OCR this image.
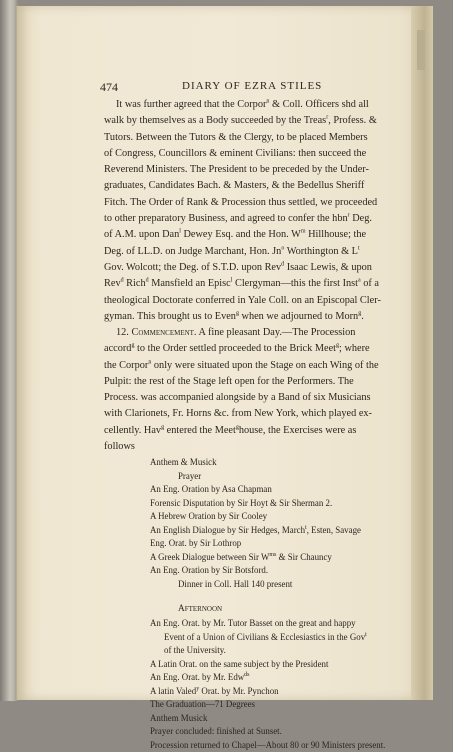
474	DIARY OF EZRA STILES
It was further agreed that the Corpor$^n$ & Coll. Officers shd all
walk by themselves as a Body succeeded by the Treas$^r$, Profess. &
Tutors. Between the Tutors & the Clergy, to be placed Members
of Congress, Councillors & eminent Civilians: then succeed the
Reverend Ministers. The President to be preceded by the Under-
graduates, Candidates Bach. & Masters, & the Bedellus Sheriff
Fitch. The Order of Rank & Procession thus settled, we proceeded
to other preparatory Business, and agreed to confer the hbn$^r$ Deg.
of A.M. upon Dan$^l$ Dewey Esq. and the Hon. $W^m$ Hillhouse; the
Deg. of LL.D. on Judge Marchant, Hon. Jn$^o$ Worthington & $L^t$
Gov. Wolcott; the Deg. of S.T.D. upon Rev$^d$ Isaac Lewis, & upon
Rev$^d$ Rich$^d$ Mansfield an Episc$^l$ Clergyman—this the first Inst$^a$ of a
theological Doctorate conferred in Yale Coll. on an Episcopal Cler-
gyman. This brought us to Even$^g$ when we adjourned to Morn$^g$.
12. Commencement. A fine pleasant Day.—The Procession
accord$^g$ to the Order settled proceeded to the Brick Meet$^g$; where
the Corpor$^n$ only were situated upon the Stage on each Wing of the
Pulpit: the rest of the Stage left open for the Performers. The
Process. was accompanied alongside by a Band of six Musicians
with Clarionets, Fr. Horns &c. from New York, which played ex-
cellently. Hav$^g$ entered the Meet$^g$house, the Exercises were as
follows
Anthem & Musick
Prayer
An Eng. Oration by Asa Chapman
Forensic Disputation by Sir Hoyt & Sir Sherman 2.
A Hebrew Oration by Sir Cooley
An English Dialogue by Sir Hedges, March$^t$, Esten, Savage
Eng. Orat. by Sir Lothrop
A Greek Dialogue between Sir $W^{ms}$ & Sir Chauncy
An Eng. Oration by Sir Botsford.
Dinner in Coll. Hall 140 present
Afternoon
An Eng. Orat. by Mr. Tutor Basset on the great and happy
Event of a Union of Civilians & Ecclesiastics in the Gov$^t$
of the University.
A Latin Orat. on the same subject by the President
An Eng. Orat. by Mr. Edw$^{ds}$
A latin Valed$^y$ Orat. by Mr. Pynchon
The Graduation—71 Degrees
Anthem Musick
Prayer concluded: finished at Sunset.
Procession returned to Chapel—About 80 or 90 Ministers present.
